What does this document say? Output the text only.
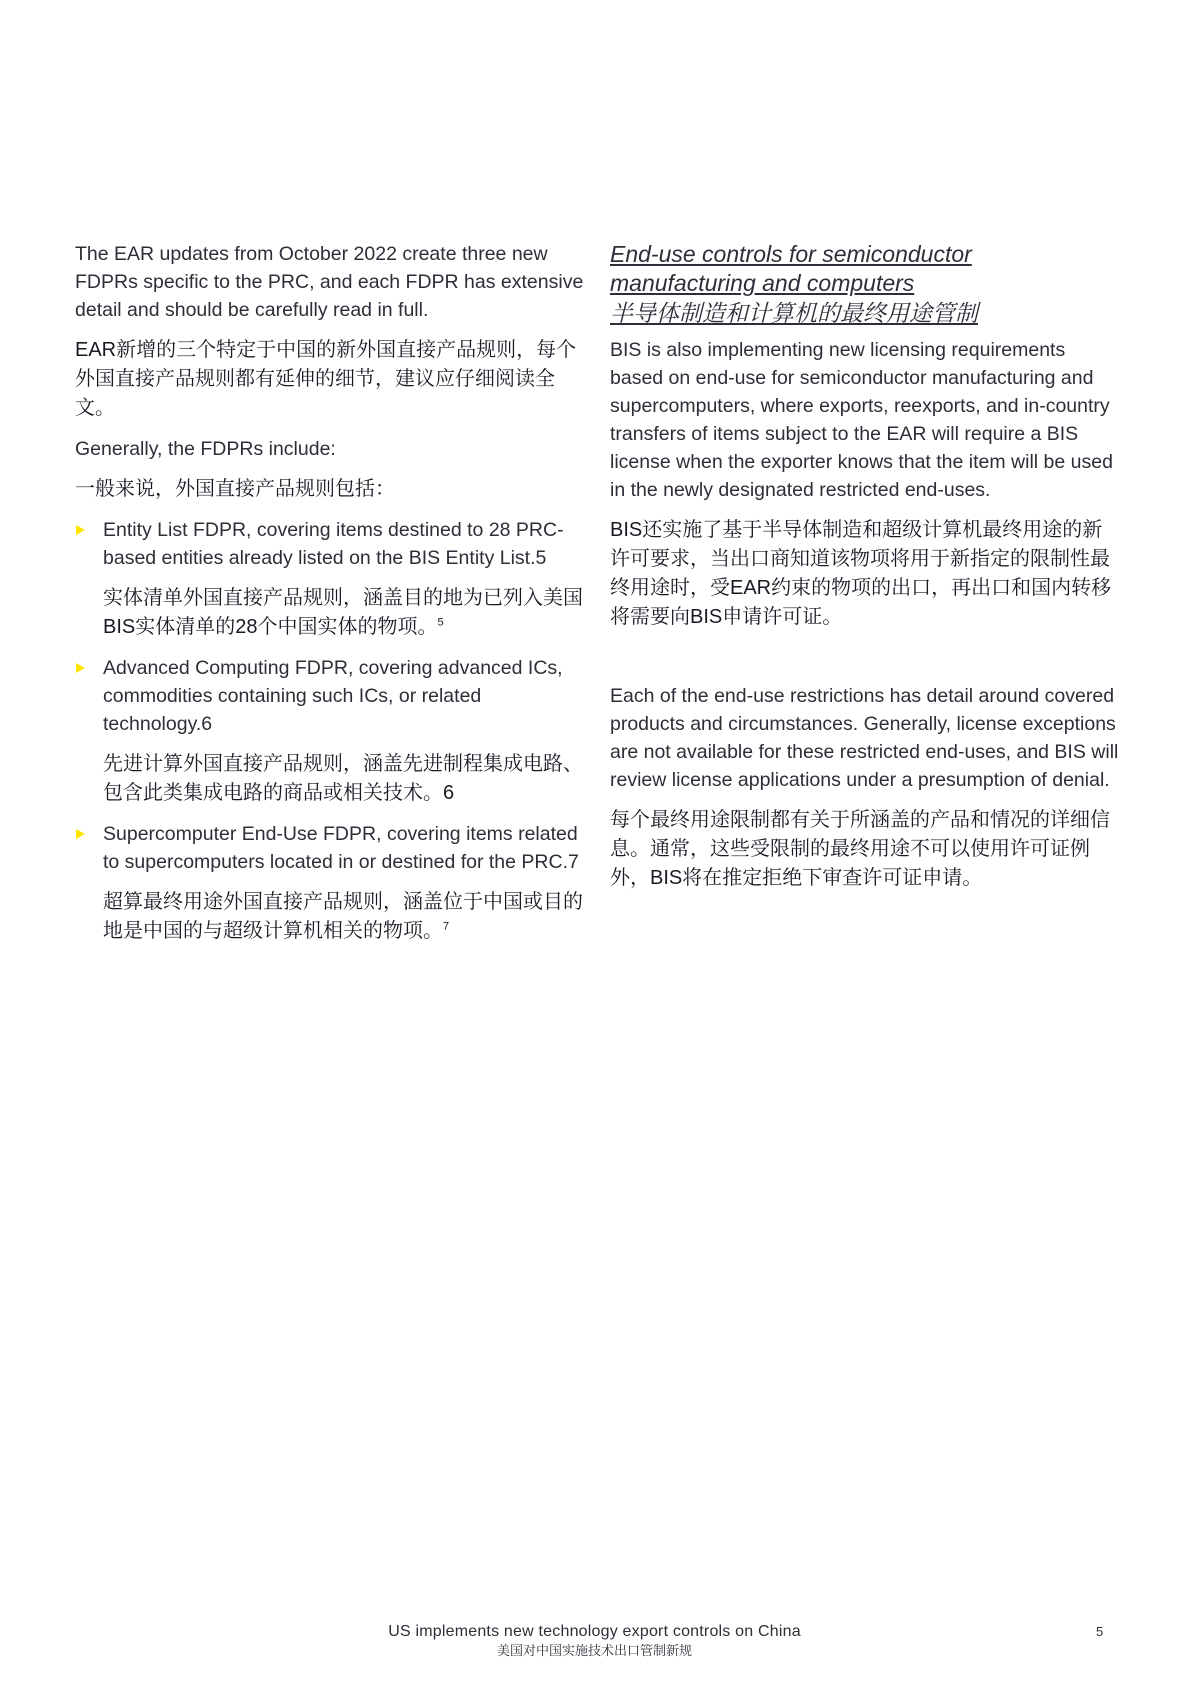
The EAR updates from October 2022 create three new FDPRs specific to the PRC, and each FDPR has extensive detail and should be carefully read in full.

EAR新增的三个特定于中国的新外国直接产品规则，每个外国直接产品规则都有延伸的细节，建议应仔细阅读全文。

Generally, the FDPRs include:

一般来说，外国直接产品规则包括：

Entity List FDPR, covering items destined to 28 PRC-based entities already listed on the BIS Entity List.5

实体清单外国直接产品规则，涵盖目的地为已列入美国BIS实体清单的28个中国实体的物项。$^5$

Advanced Computing FDPR, covering advanced ICs, commodities containing such ICs, or related technology.6

先进计算外国直接产品规则，涵盖先进制程集成电路、包含此类集成电路的商品或相关技术。6

Supercomputer End-Use FDPR, covering items related to supercomputers located in or destined for the PRC.7

超算最终用途外国直接产品规则，涵盖位于中国或目的地是中国的与超级计算机相关的物项。$^7$

End-use controls for semiconductor manufacturing and computers

半导体制造和计算机的最终用途管制

BIS is also implementing new licensing requirements based on end-use for semiconductor manufacturing and supercomputers, where exports, reexports, and in-country transfers of items subject to the EAR will require a BIS license when the exporter knows that the item will be used in the newly designated restricted end-uses.

BIS还实施了基于半导体制造和超级计算机最终用途的新许可要求，当出口商知道该物项将用于新指定的限制性最终用途时，受EAR约束的物项的出口，再出口和国内转移将需要向BIS申请许可证。

Each of the end-use restrictions has detail around covered products and circumstances. Generally, license exceptions are not available for these restricted end-uses, and BIS will review license applications under a presumption of denial.

每个最终用途限制都有关于所涵盖的产品和情况的详细信息。通常，这些受限制的最终用途不可以使用许可证例外，BIS将在推定拒绝下审查许可证申请。

US implements new technology export controls on China
美国对中国实施技术出口管制新规
5
